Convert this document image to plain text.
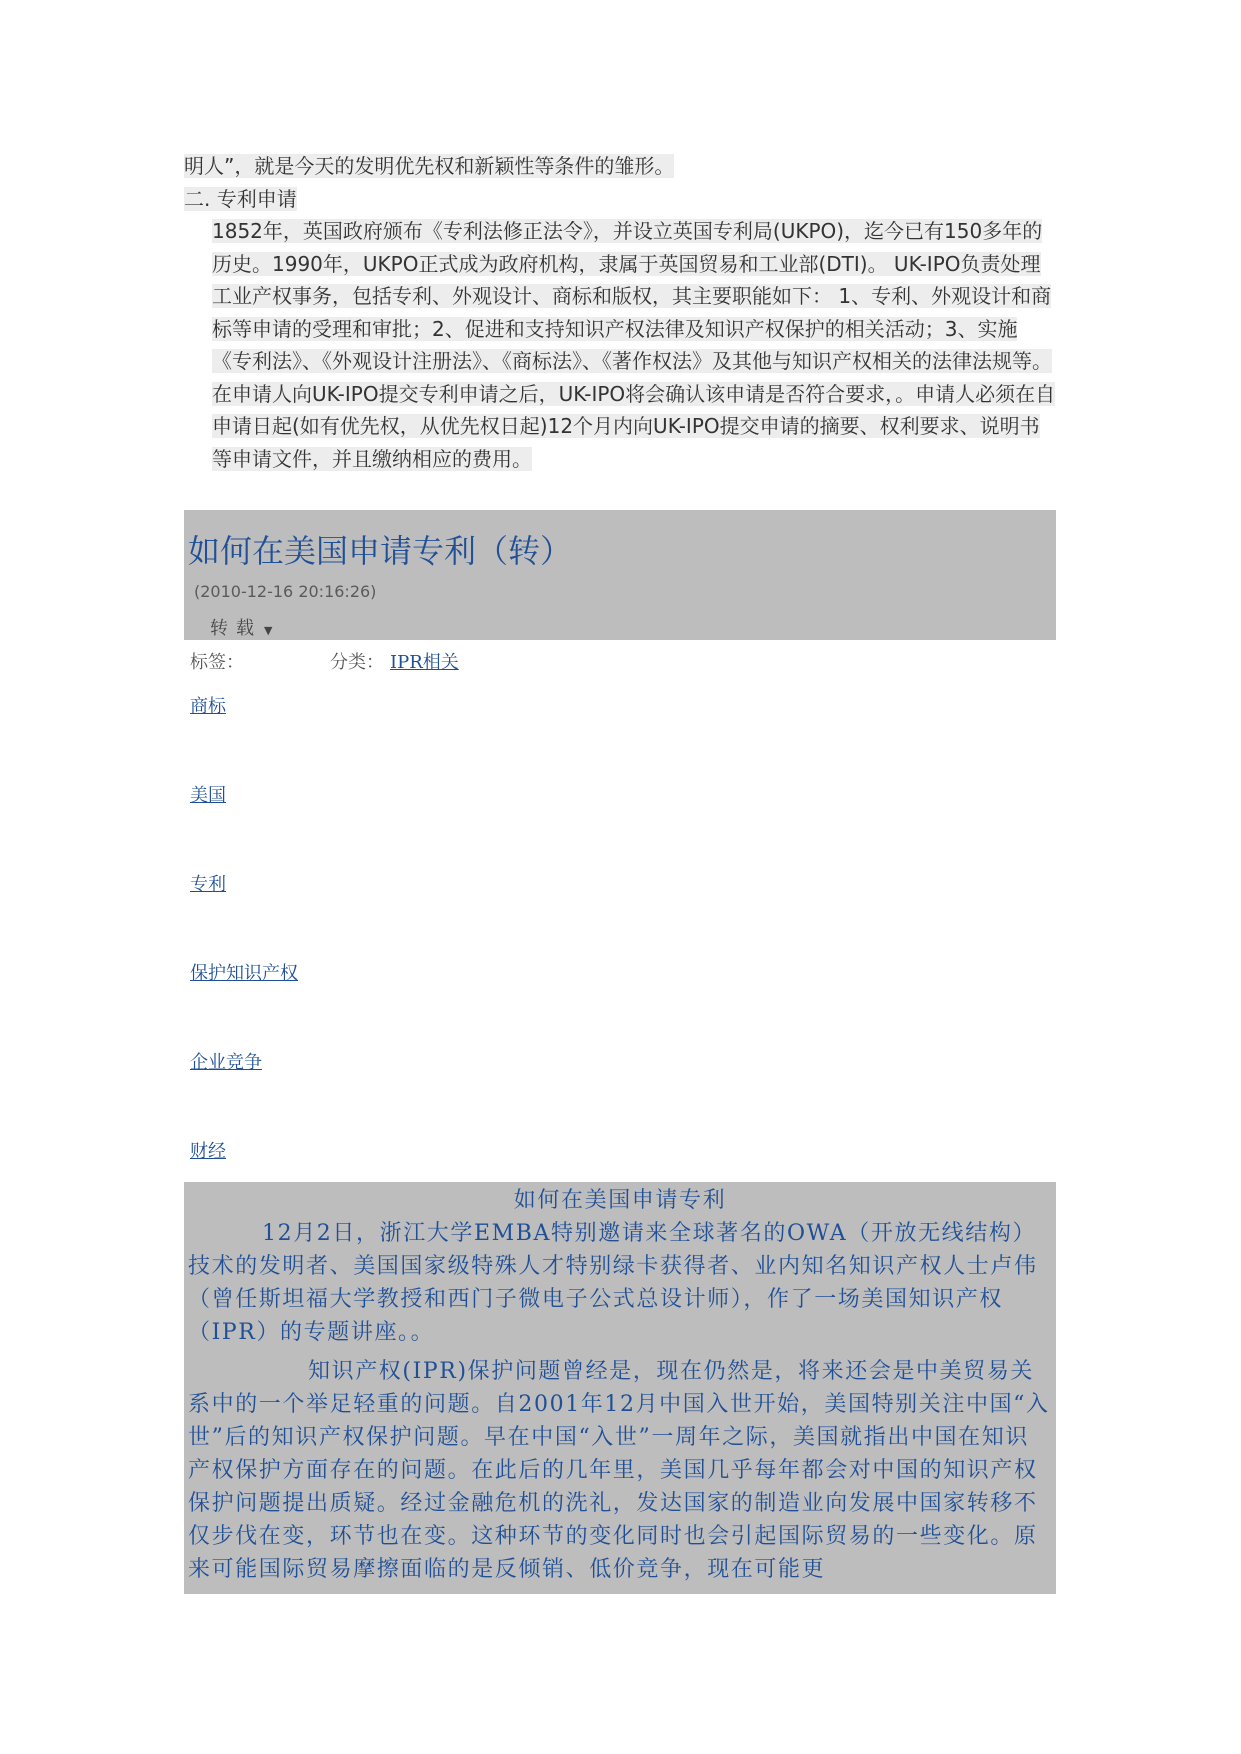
明人”，就是今天的发明优先权和新颖性等条件的雏形。
二. 专利申请
1852年，英国政府颁布《专利法修正法令》，并设立英国专利局(UKPO)，迄今已有150多年的历史。1990年，UKPO正式成为政府机构，隶属于英国贸易和工业部(DTI)。 UK-IPO负责处理工业产权事务，包括专利、外观设计、商标和版权，其主要职能如下： 1、专利、外观设计和商标等申请的受理和审批；2、促进和支持知识产权法律及知识产权保护的相关活动；3、实施《专利法》、《外观设计注册法》、《商标法》、《著作权法》及其他与知识产权相关的法律法规等。在申请人向UK-IPO提交专利申请之后，UK-IPO将会确认该申请是否符合要求，。申请人必须在自申请日起(如有优先权，从优先权日起)12个月内向UK-IPO提交申请的摘要、权利要求、说明书等申请文件，并且缴纳相应的费用。
如何在美国申请专利（转）
(2010-12-16 20:16:26)
转载 ▼
标签：	分类： IPR相关
商标
美国
专利
保护知识产权
企业竞争
财经
如何在美国申请专利

12月2日，浙江大学EMBA特别邀请来全球著名的OWA（开放无线结构）技术的发明者、美国国家级特殊人才特别绿卡获得者、业内知名知识产权人士卢伟（曾任斯坦福大学教授和西门子微电子公式总设计师），作了一场美国知识产权（IPR）的专题讲座。。

知识产权(IPR)保护问题曾经是，现在仍然是，将来还会是中美贸易关系中的一个举足轻重的问题。自2001年12月中国入世开始，美国特别关注中国“入世”后的知识产权保护问题。早在中国“入世”一周年之际，美国就指出中国在知识产权保护方面存在的问题。在此后的几年里，美国几乎每年都会对中国的知识产权保护问题提出质疑。经过金融危机的洗礼，发达国家的制造业向发展中国家转移不仅步伐在变，环节也在变。这种环节的变化同时也会引起国际贸易的一些变化。原来可能国际贸易摩擦面临的是反倾销、低价竞争，现在可能更
